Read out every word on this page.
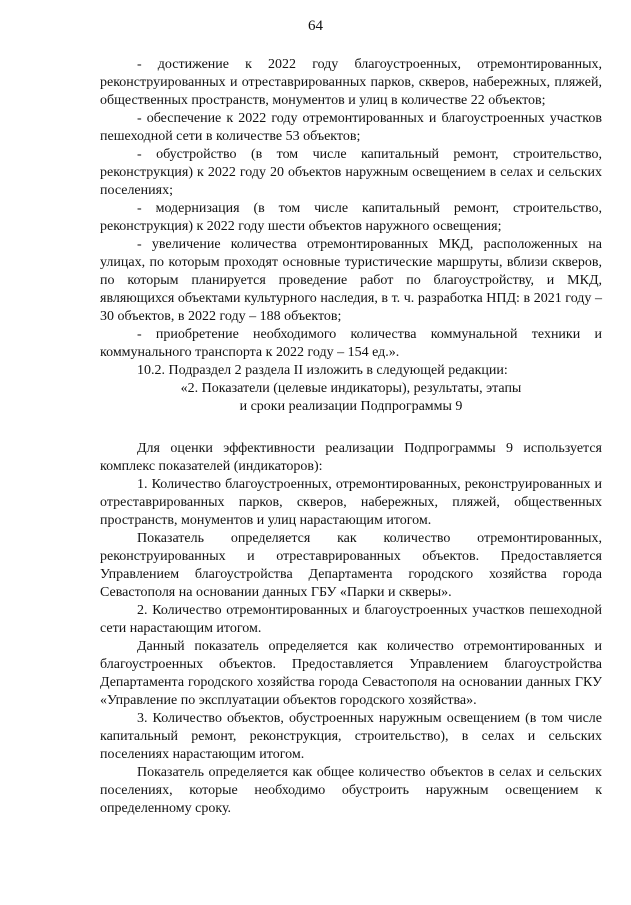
64

- достижение к 2022 году благоустроенных, отремонтированных, реконструированных и отреставрированных парков, скверов, набережных, пляжей, общественных пространств, монументов и улиц в количестве 22 объектов;

- обеспечение к 2022 году отремонтированных и благоустроенных участков пешеходной сети в количестве 53 объектов;

- обустройство (в том числе капитальный ремонт, строительство, реконструкция) к 2022 году 20 объектов наружным освещением в селах и сельских поселениях;

- модернизация (в том числе капитальный ремонт, строительство, реконструкция) к 2022 году шести объектов наружного освещения;

- увеличение количества отремонтированных МКД, расположенных на улицах, по которым проходят основные туристические маршруты, вблизи скверов, по которым планируется проведение работ по благоустройству, и МКД, являющихся объектами культурного наследия, в т. ч. разработка НПД: в 2021 году – 30 объектов, в 2022 году – 188 объектов;

- приобретение необходимого количества коммунальной техники и коммунального транспорта к 2022 году – 154 ед.».

10.2. Подраздел 2 раздела II изложить в следующей редакции:

«2. Показатели (целевые индикаторы), результаты, этапы

и сроки реализации Подпрограммы 9

Для оценки эффективности реализации Подпрограммы 9 используется комплекс показателей (индикаторов):

1. Количество благоустроенных, отремонтированных, реконструированных и отреставрированных парков, скверов, набережных, пляжей, общественных пространств, монументов и улиц нарастающим итогом.

Показатель определяется как количество отремонтированных, реконструированных и отреставрированных объектов. Предоставляется Управлением благоустройства Департамента городского хозяйства города Севастополя на основании данных ГБУ «Парки и скверы».

2. Количество отремонтированных и благоустроенных участков пешеходной сети нарастающим итогом.

Данный показатель определяется как количество отремонтированных и благоустроенных объектов. Предоставляется Управлением благоустройства Департамента городского хозяйства города Севастополя на основании данных ГКУ «Управление по эксплуатации объектов городского хозяйства».

3. Количество объектов, обустроенных наружным освещением (в том числе капитальный ремонт, реконструкция, строительство), в селах и сельских поселениях нарастающим итогом.

Показатель определяется как общее количество объектов в селах и сельских поселениях, которые необходимо обустроить наружным освещением к определенному сроку.
